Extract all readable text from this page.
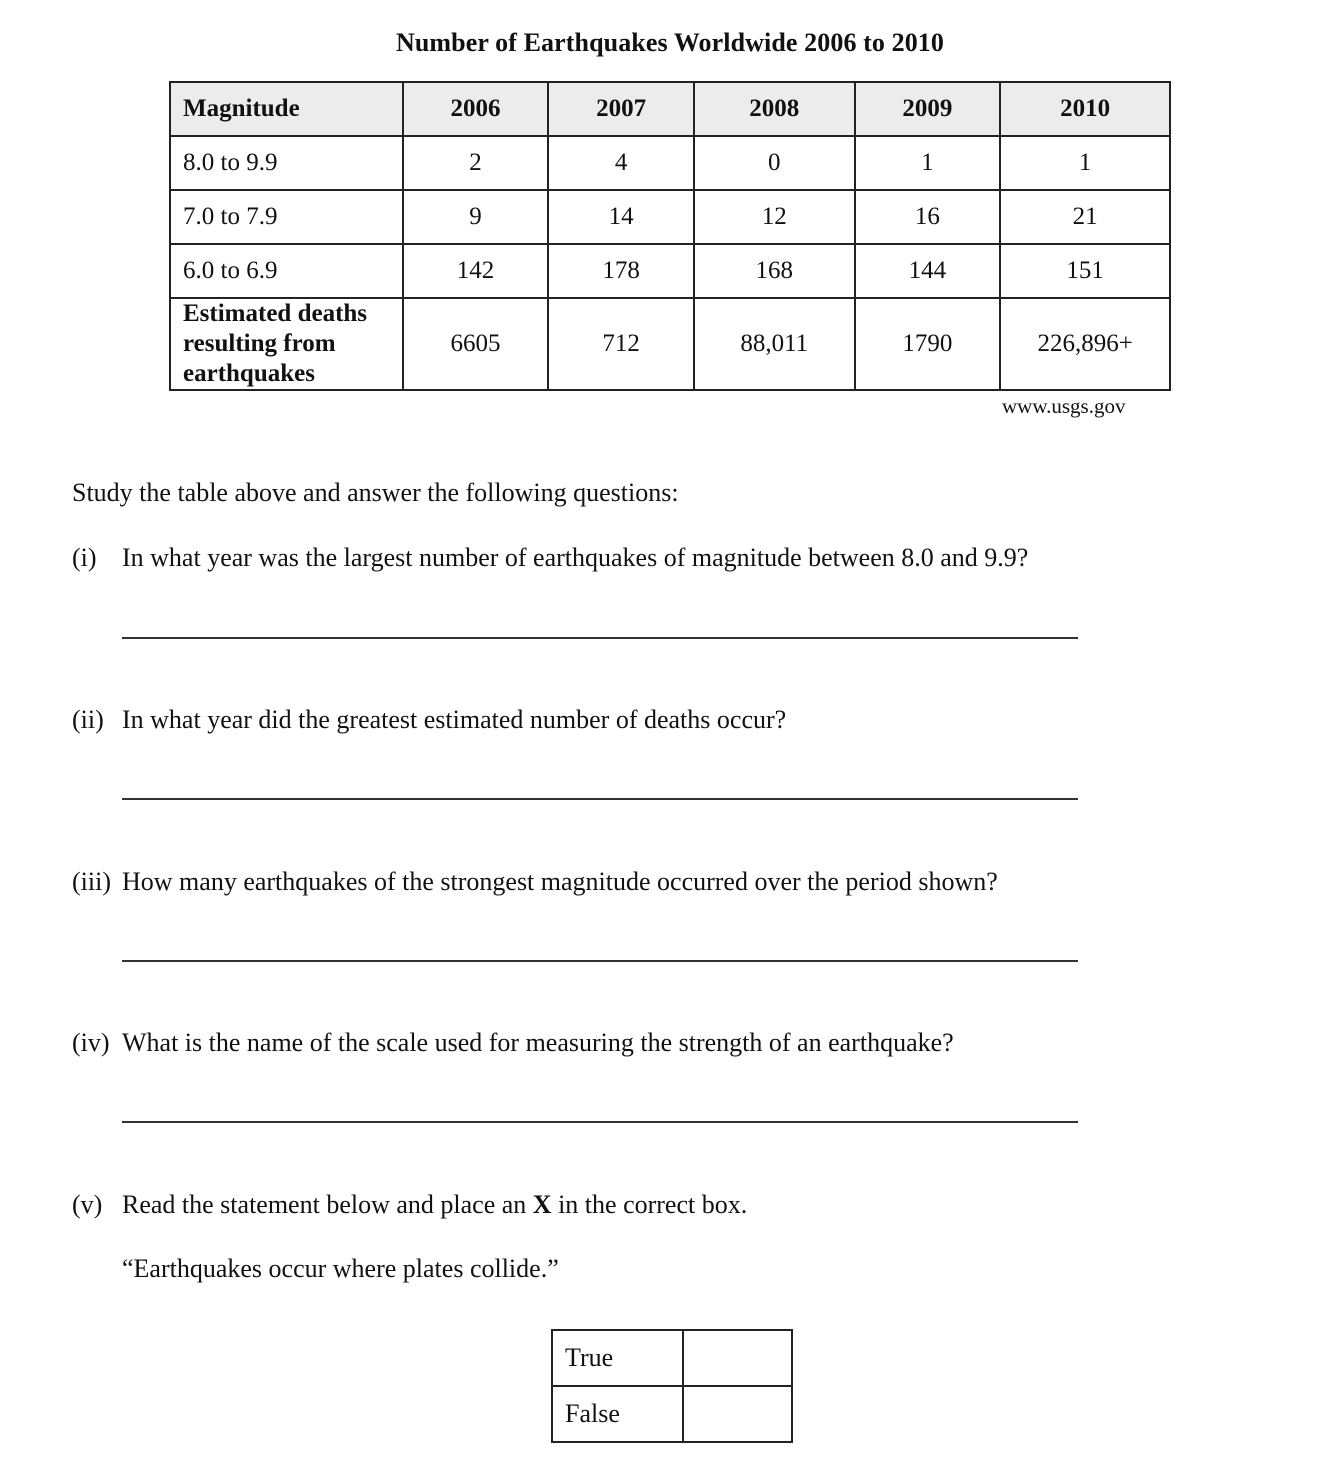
Number of Earthquakes Worldwide 2006 to 2010
Magnitude	2006	2007	2008	2009	2010
8.0 to 9.9	2	4	0	1	1
7.0 to 7.9	9	14	12	16	21
6.0 to 6.9	142	178	168	144	151
Estimated deaths
resulting from
earthquakes	6605	712	88,011	1790	226,896+
www.usgs.gov
Study the table above and answer the following questions:
(i) In what year was the largest number of earthquakes of magnitude between 8.0 and 9.9?
(ii) In what year did the greatest estimated number of deaths occur?
(iii) How many earthquakes of the strongest magnitude occurred over the period shown?
(iv) What is the name of the scale used for measuring the strength of an earthquake?
(v) Read the statement below and place an X in the correct box.
“Earthquakes occur where plates collide.”
True	
False	
